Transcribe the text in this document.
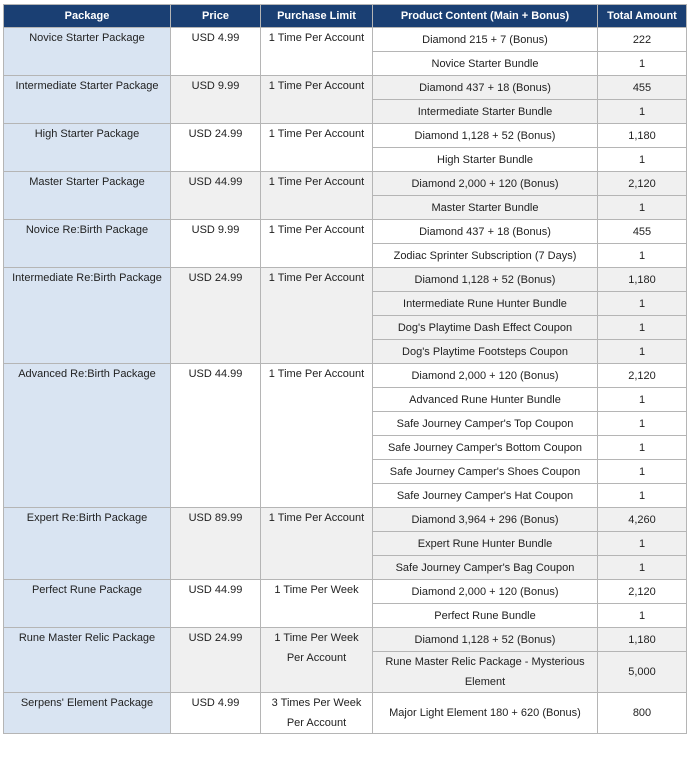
Package	Price	Purchase Limit	Product Content (Main + Bonus)	Total Amount
Novice Starter Package	USD 4.99	1 Time Per Account	Diamond 215 + 7 (Bonus)	222
			Novice Starter Bundle	1
Intermediate Starter Package	USD 9.99	1 Time Per Account	Diamond 437 + 18 (Bonus)	455
			Intermediate Starter Bundle	1
High Starter Package	USD 24.99	1 Time Per Account	Diamond 1,128 + 52 (Bonus)	1,180
			High Starter Bundle	1
Master Starter Package	USD 44.99	1 Time Per Account	Diamond 2,000 + 120 (Bonus)	2,120
			Master Starter Bundle	1
Novice Re:Birth Package	USD 9.99	1 Time Per Account	Diamond 437 + 18 (Bonus)	455
			Zodiac Sprinter Subscription (7 Days)	1
Intermediate Re:Birth Package	USD 24.99	1 Time Per Account	Diamond 1,128 + 52 (Bonus)	1,180
			Intermediate Rune Hunter Bundle	1
			Dog's Playtime Dash Effect Coupon	1
			Dog's Playtime Footsteps Coupon	1
Advanced Re:Birth Package	USD 44.99	1 Time Per Account	Diamond 2,000 + 120 (Bonus)	2,120
			Advanced Rune Hunter Bundle	1
			Safe Journey Camper's Top Coupon	1
			Safe Journey Camper's Bottom Coupon	1
			Safe Journey Camper's Shoes Coupon	1
			Safe Journey Camper's Hat Coupon	1
Expert Re:Birth Package	USD 89.99	1 Time Per Account	Diamond 3,964 + 296 (Bonus)	4,260
			Expert Rune Hunter Bundle	1
			Safe Journey Camper's Bag Coupon	1
Perfect Rune Package	USD 44.99	1 Time Per Week	Diamond 2,000 + 120 (Bonus)	2,120
			Perfect Rune Bundle	1
Rune Master Relic Package	USD 24.99	1 Time Per Week Per Account	Diamond 1,128 + 52 (Bonus)	1,180
			Rune Master Relic Package - Mysterious Element	5,000
Serpens' Element Package	USD 4.99	3 Times Per Week Per Account	Major Light Element 180 + 620 (Bonus)	800
